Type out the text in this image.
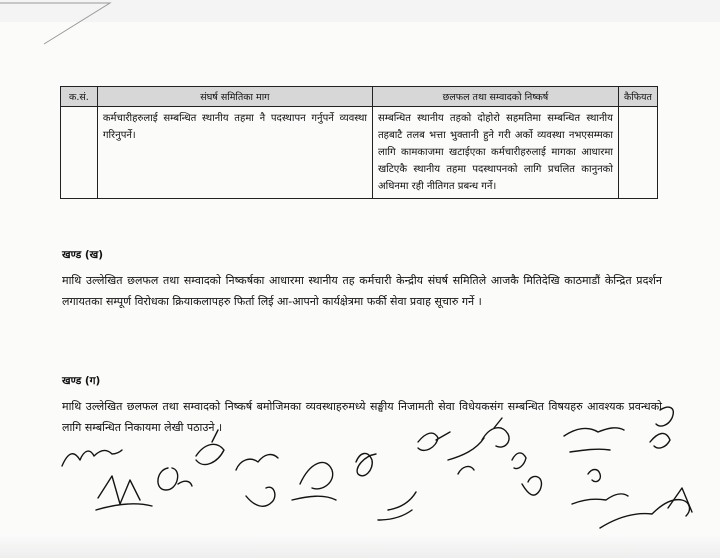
क.सं.	संघर्ष समितिका माग	छलफल तथा सम्वादको निष्कर्ष	कैफियत
	कर्मचारीहरुलाई सम्बन्धित स्थानीय तहमा नै पदस्थापन गर्नुपर्ने व्यवस्था गरिनुपर्ने।	सम्बन्धित स्थानीय तहको दोहोरो सहमतिमा सम्बन्धित स्थानीय तहबाटै तलब भत्ता भुक्तानी हुने गरी अर्को व्यवस्था नभएसम्मका लागि कामकाजमा खटाईएका कर्मचारीहरुलाई मागका आधारमा खटिएकै स्थानीय तहमा पदस्थापनको लागि प्रचलित कानुनको अधिनमा रही नीतिगत प्रबन्ध गर्ने।	
खण्ड (ख)
माथि उल्लेखित छलफल तथा सम्वादको निष्कर्षका आधारमा स्थानीय तह कर्मचारी केन्द्रीय संघर्ष समितिले आजकै मितिदेखि काठमाडौं केन्द्रित प्रदर्शन लगायतका सम्पूर्ण विरोधका क्रियाकलापहरु फिर्ता लिई आ-आपनो कार्यक्षेत्रमा फर्की सेवा प्रवाह सूचारु गर्ने ।
खण्ड (ग)
माथि उल्लेखित छलफल तथा सम्वादको निष्कर्ष बमोजिमका व्यवस्थाहरुमध्ये सङ्घीय निजामती सेवा विधेयकसंग सम्बन्धित विषयहरु आवश्यक प्रवन्धको लागि सम्बन्धित निकायमा लेखी पठाउने ।
